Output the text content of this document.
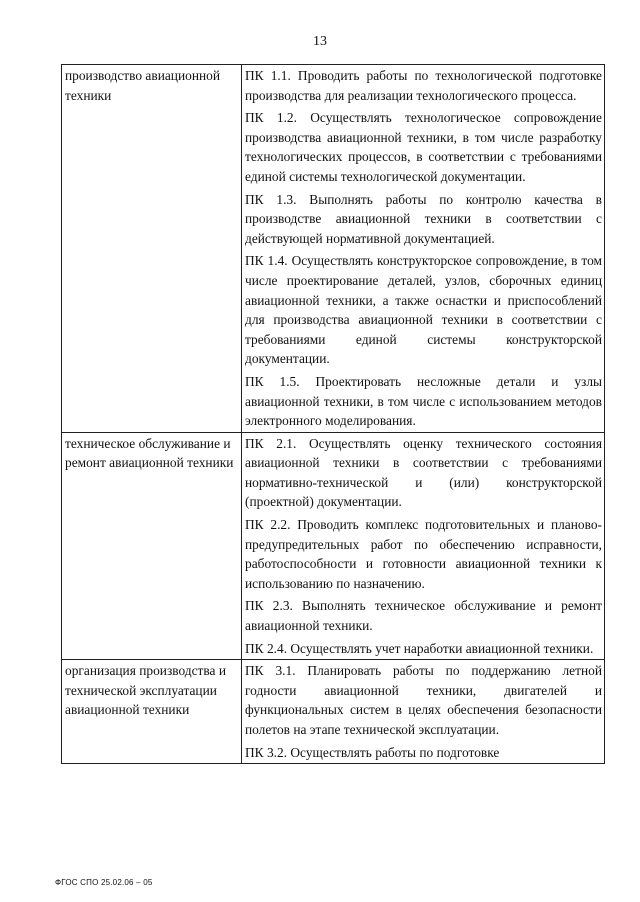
13
производство авиационной техники	ПК 1.1. Проводить работы по технологической подготовке производства для реализации технологического процесса.

ПК 1.2. Осуществлять технологическое сопровождение производства авиационной техники, в том числе разработку технологических процессов, в соответствии с требованиями единой системы технологической документации.

ПК 1.3. Выполнять работы по контролю качества в производстве авиационной техники в соответствии с действующей нормативной документацией.

ПК 1.4. Осуществлять конструкторское сопровождение, в том числе проектирование деталей, узлов, сборочных единиц авиационной техники, а также оснастки и приспособлений для производства авиационной техники в соответствии с требованиями единой системы конструкторской документации.

ПК 1.5. Проектировать несложные детали и узлы авиационной техники, в том числе с использованием методов электронного моделирования.

техническое обслуживание и ремонт авиационной техники	ПК 2.1. Осуществлять оценку технического состояния авиационной техники в соответствии с требованиями нормативно-технической и (или) конструкторской (проектной) документации.

ПК 2.2. Проводить комплекс подготовительных и планово-предупредительных работ по обеспечению исправности, работоспособности и готовности авиационной техники к использованию по назначению.

ПК 2.3. Выполнять техническое обслуживание и ремонт авиационной техники.

ПК 2.4. Осуществлять учет наработки авиационной техники.

организация производства и технической эксплуатации авиационной техники	ПК 3.1. Планировать работы по поддержанию летной годности авиационной техники, двигателей и функциональных систем в целях обеспечения безопасности полетов на этапе технической эксплуатации.

ПК 3.2. Осуществлять работы по подготовке

ФГОС СПО 25.02.06 – 05
